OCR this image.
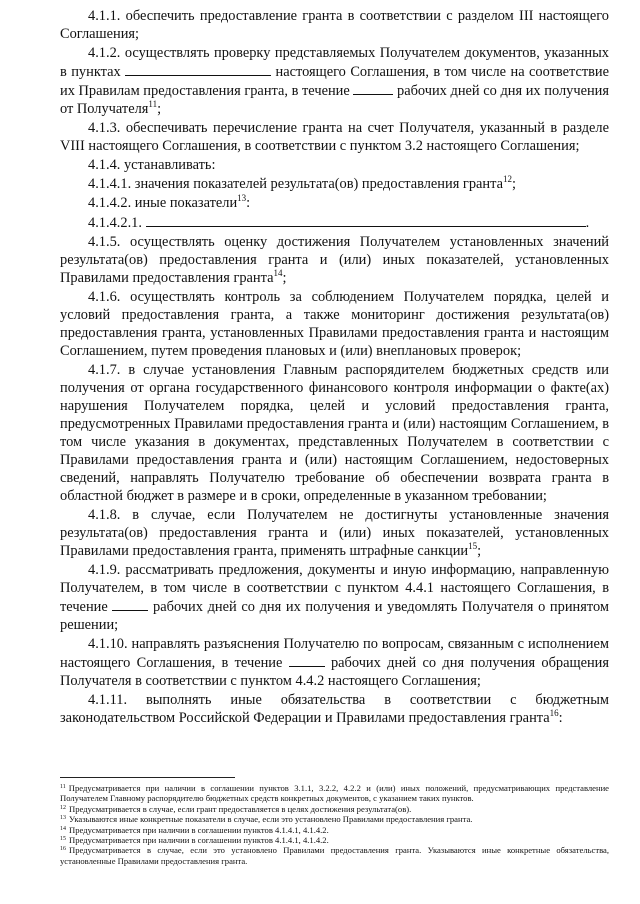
4.1.1. обеспечить предоставление гранта в соответствии с разделом III настоящего Соглашения;

4.1.2. осуществлять проверку представляемых Получателем документов, указанных в пунктах	настоящего Соглашения, в том числе на соответствие их Правилам предоставления гранта, в течение	рабочих дней со дня их получения от Получателя$^{11}$;

4.1.3. обеспечивать перечисление гранта на счет Получателя, указанный в разделе VIII настоящего Соглашения, в соответствии с пунктом 3.2 настоящего Соглашения;

4.1.4. устанавливать:

4.1.4.1. значения показателей результата(ов) предоставления гранта$^{12}$;

4.1.4.2. иные показатели$^{13}$:

4.1.4.2.1.	.

4.1.5. осуществлять оценку достижения Получателем установленных значений результата(ов) предоставления гранта и (или) иных показателей, установленных Правилами предоставления гранта$^{14}$;

4.1.6. осуществлять контроль за соблюдением Получателем порядка, целей и условий предоставления гранта, а также мониторинг достижения результата(ов) предоставления гранта, установленных Правилами предоставления гранта и настоящим Соглашением, путем проведения плановых и (или) внеплановых проверок;

4.1.7. в случае установления Главным распорядителем бюджетных средств или получения от органа государственного финансового контроля информации о факте(ах) нарушения Получателем порядка, целей и условий предоставления гранта, предусмотренных Правилами предоставления гранта и (или) настоящим Соглашением, в том числе указания в документах, представленных Получателем в соответствии с Правилами предоставления гранта и (или) настоящим Соглашением, недостоверных сведений, направлять Получателю требование об обеспечении возврата гранта в областной бюджет в размере и в сроки, определенные в указанном требовании;

4.1.8. в случае, если Получателем не достигнуты установленные значения результата(ов) предоставления гранта и (или) иных показателей, установленных Правилами предоставления гранта, применять штрафные санкции$^{15}$;

4.1.9. рассматривать предложения, документы и иную информацию, направленную Получателем, в том числе в соответствии с пунктом 4.4.1 настоящего Соглашения, в течение	рабочих дней со дня их получения и уведомлять Получателя о принятом решении;

4.1.10. направлять разъяснения Получателю по вопросам, связанным с исполнением настоящего Соглашения, в течение	рабочих дней со дня получения обращения Получателя в соответствии с пунктом 4.4.2 настоящего Соглашения;

4.1.11. выполнять иные обязательства в соответствии с бюджетным законодательством Российской Федерации и Правилами предоставления гранта$^{16}$:

$^{11}$ Предусматривается при наличии в соглашении пунктов 3.1.1, 3.2.2, 4.2.2 и (или) иных положений, предусматривающих представление Получателем Главному распорядителю бюджетных средств конкретных документов, с указанием таких пунктов.

$^{12}$ Предусматривается в случае, если грант предоставляется в целях достижения результата(ов).

$^{13}$ Указываются иные конкретные показатели в случае, если это установлено Правилами предоставления гранта.

$^{14}$ Предусматривается при наличии в соглашении пунктов 4.1.4.1, 4.1.4.2.

$^{15}$ Предусматривается при наличии в соглашении пунктов 4.1.4.1, 4.1.4.2.

$^{16}$ Предусматривается в случае, если это установлено Правилами предоставления гранта. Указываются иные конкретные обязательства, установленные Правилами предоставления гранта.
